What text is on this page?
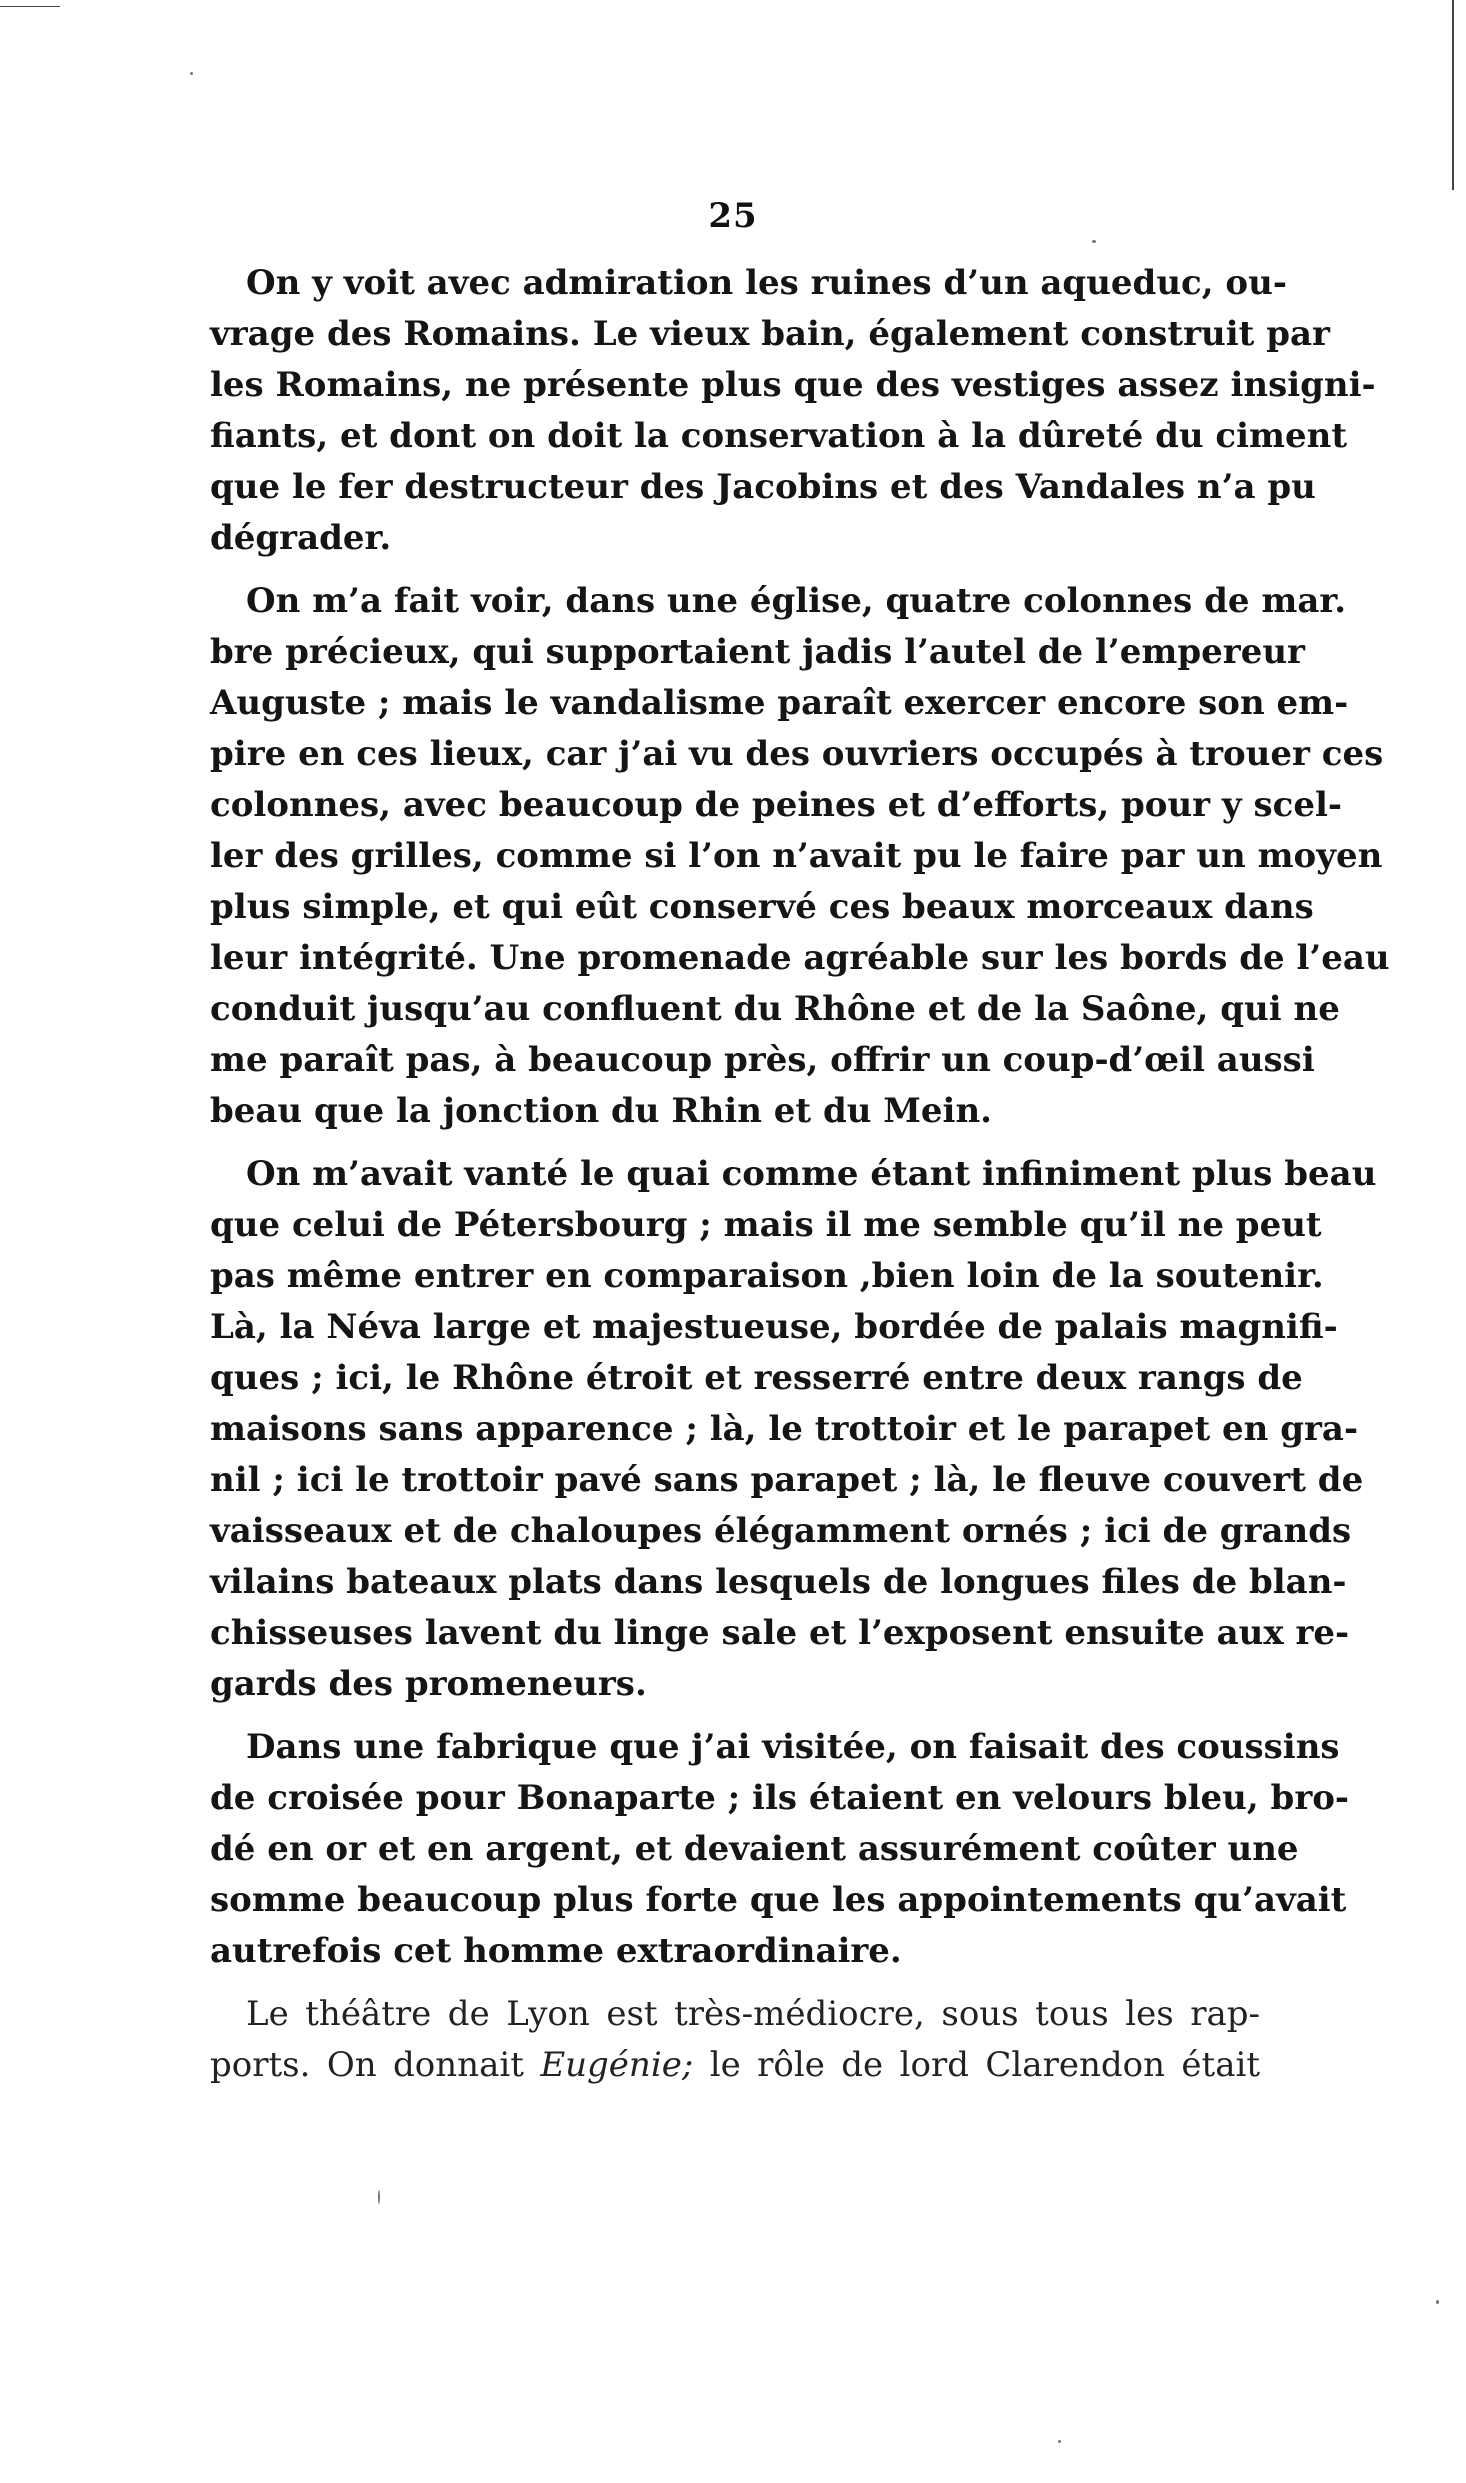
25

On y voit avec admiration les ruines d’un aqueduc, ou-
vrage des Romains. Le vieux bain, également construit par
les Romains, ne présente plus que des vestiges assez insigni-
fiants, et dont on doit la conservation à la dûreté du ciment
que le fer destructeur des Jacobins et des Vandales n’a pu
dégrader.

On m’a fait voir, dans une église, quatre colonnes de mar.
bre précieux, qui supportaient jadis l’autel de l’empereur
Auguste ; mais le vandalisme paraît exercer encore son em-
pire en ces lieux, car j’ai vu des ouvriers occupés à trouer ces
colonnes, avec beaucoup de peines et d’efforts, pour y scel-
ler des grilles, comme si l’on n’avait pu le faire par un moyen
plus simple, et qui eût conservé ces beaux morceaux dans
leur intégrité. Une promenade agréable sur les bords de l’eau
conduit jusqu’au confluent du Rhône et de la Saône, qui ne
me paraît pas, à beaucoup près, offrir un coup-d’œil aussi
beau que la jonction du Rhin et du Mein.

On m’avait vanté le quai comme étant infiniment plus beau
que celui de Pétersbourg ; mais il me semble qu’il ne peut
pas même entrer en comparaison ,bien loin de la soutenir.
Là, la Néva large et majestueuse, bordée de palais magnifi-
ques ; ici, le Rhône étroit et resserré entre deux rangs de
maisons sans apparence ; là, le trottoir et le parapet en gra-
nil ; ici le trottoir pavé sans parapet ; là, le fleuve couvert de
vaisseaux et de chaloupes élégamment ornés ; ici de grands
vilains bateaux plats dans lesquels de longues files de blan-
chisseuses lavent du linge sale et l’exposent ensuite aux re-
gards des promeneurs.

Dans une fabrique que j’ai visitée, on faisait des coussins
de croisée pour Bonaparte ; ils étaient en velours bleu, bro-
dé en or et en argent, et devaient assurément coûter une
somme beaucoup plus forte que les appointements qu’avait
autrefois cet homme extraordinaire.

Le théâtre de Lyon est très-médiocre, sous tous les rap-
ports. On donnait Eugénie; le rôle de lord Clarendon était
